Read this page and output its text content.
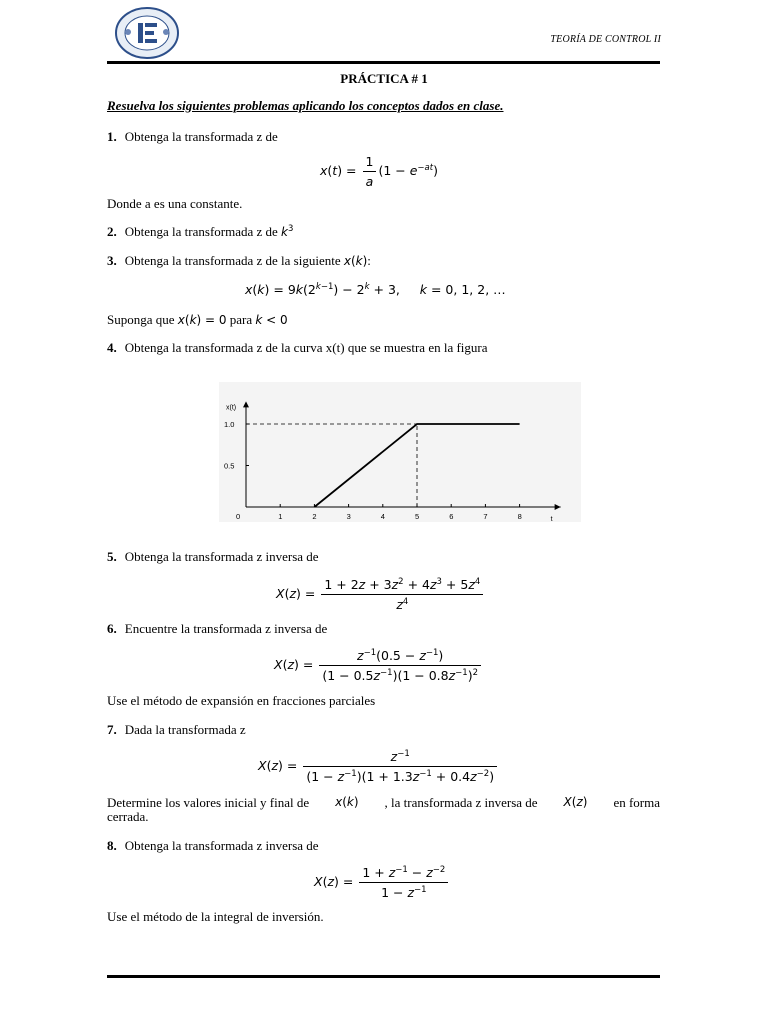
TEORÍA DE CONTROL II
PRÁCTICA # 1
Resuelva los siguientes problemas aplicando los conceptos dados en clase.
1. Obtenga la transformada z de
$x(t) = \frac{1}{a} (1 - e^{-at})$
Donde a es una constante.
2. Obtenga la transformada z de $k^3$
3. Obtenga la transformada z de la siguiente x(k):
$x(k) = 9k(2^{k-1}) - 2^k + 3$,     k = 0, 1, 2, …
Suponga que x(k) = 0 para k < 0
4. Obtenga la transformada z de la curva x(t) que se muestra en la figura
x(t)
t
0	1	2	3	4	5	6	7	8
0.5
1.0
5. Obtenga la transformada z inversa de
$X(z) = \frac{1 + 2z + 3z^2 + 4z^3 + 5z^4}{z^4}$
6. Encuentre la transformada z inversa de
$X(z) = \frac{z^{-1}(0.5 - z^{-1})}{(1 - 0.5z^{-1})(1 - 0.8z^{-1})^2}$
Use el método de expansión en fracciones parciales
7. Dada la transformada z
$X(z) = \frac{z^{-1}}{(1 - z^{-1})(1 + 1.3z^{-1} + 0.4z^{-2})}$
Determine los valores inicial y final de x(k) , la transformada z inversa de X(z) en forma
cerrada.
8. Obtenga la transformada z inversa de
$X(z) = \frac{1 + z^{-1} - z^{-2}}{1 - z^{-1}}$
Use el método de la integral de inversión.
